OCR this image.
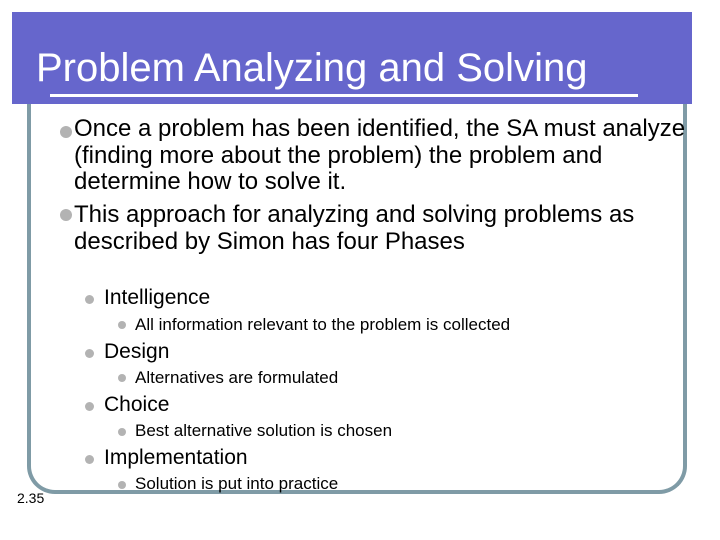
Problem Analyzing and Solving
Once a problem has been identified, the SA must analyze (finding more about the problem) the problem and determine how to solve it.
This approach for analyzing and solving problems as described by Simon has four Phases
Intelligence
All information relevant to the problem is collected
Design
Alternatives are formulated
Choice
Best alternative solution is chosen
Implementation
Solution is put into practice
2.35
